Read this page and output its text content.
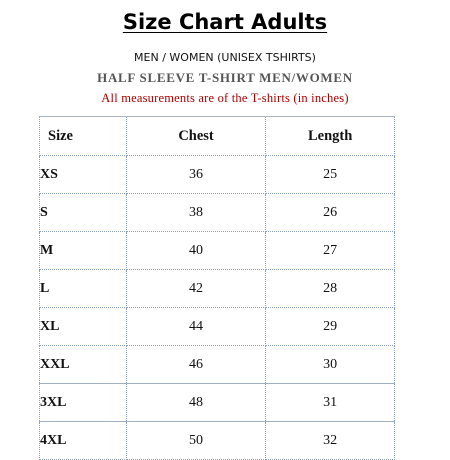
Size Chart Adults
MEN / WOMEN (UNISEX TSHIRTS)
HALF SLEEVE T-SHIRT MEN/WOMEN
All measurements are of the T-shirts (in inches)
Size	Chest	Length
XS	36	25
S	38	26
M	40	27
L	42	28
XL	44	29
XXL	46	30
3XL	48	31
4XL	50	32
